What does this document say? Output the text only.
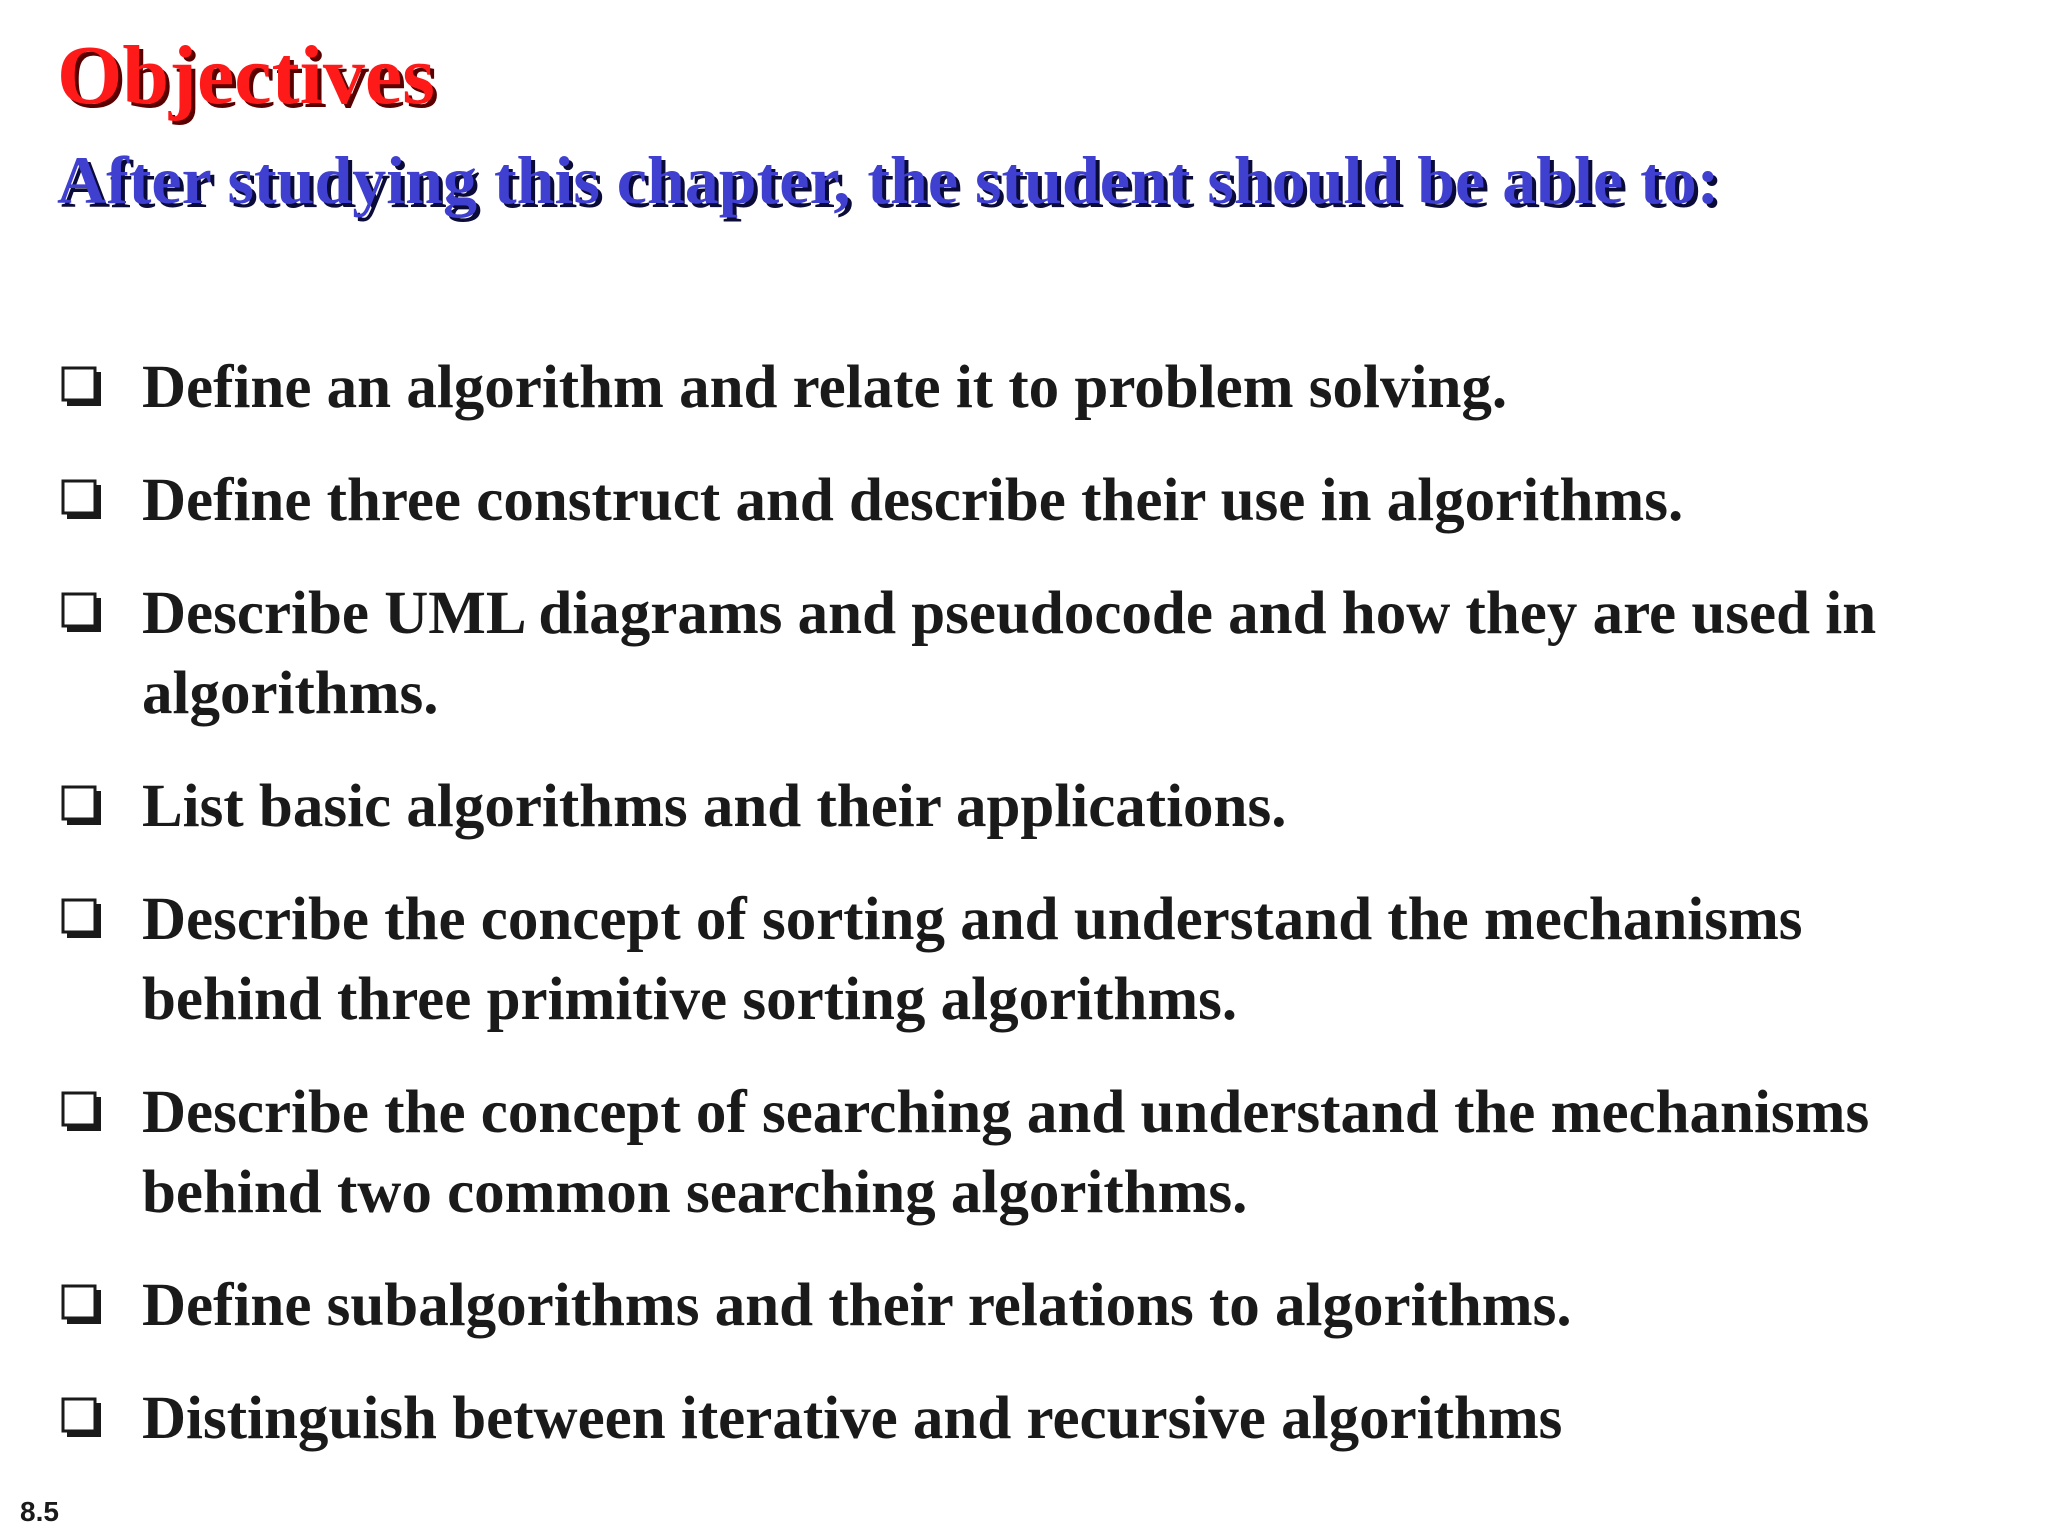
Objectives
After studying this chapter, the student should be able to:
Define an algorithm and relate it to problem solving.
Define three construct and describe their use in algorithms.
Describe UML diagrams and pseudocode and how they are used in algorithms.
List basic algorithms and their applications.
Describe the concept of sorting and understand the mechanisms behind three primitive sorting algorithms.
Describe the concept of searching and understand the mechanisms behind two common searching algorithms.
Define subalgorithms and their relations to algorithms.
Distinguish between iterative and recursive algorithms
8.5
